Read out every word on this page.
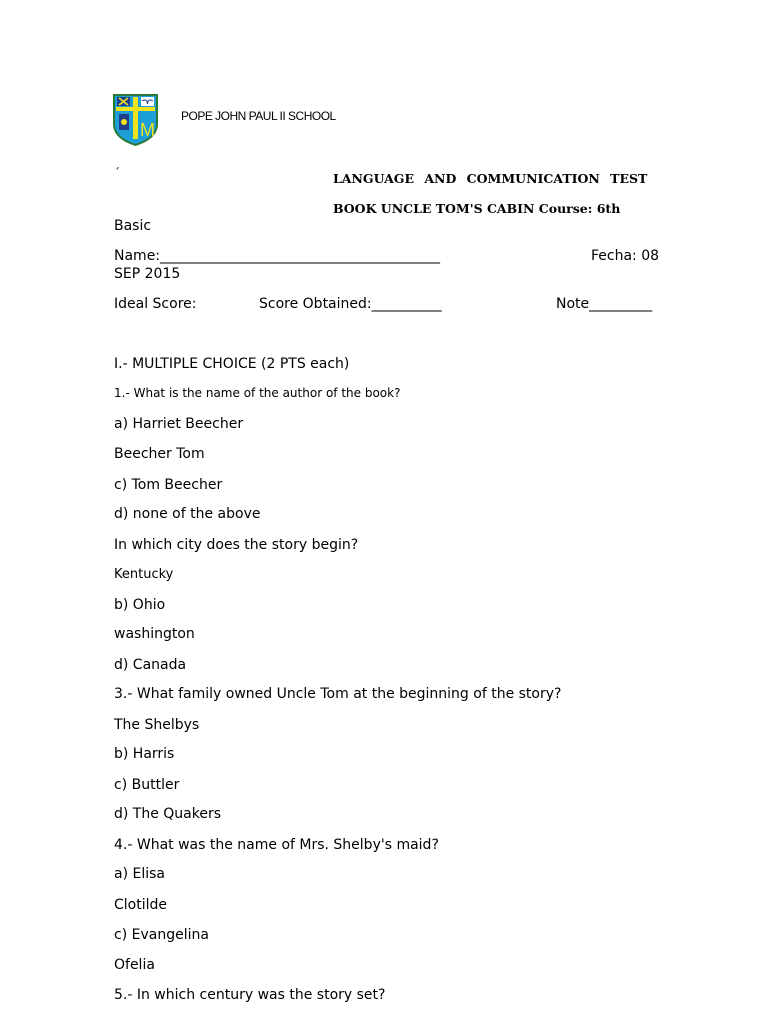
M
POPE JOHN PAUL II SCHOOL
´	LANGUAGE AND COMMUNICATION TEST
BOOK UNCLE TOM'S CABIN Course: 6th
Basic
Name:________________________________________	Fecha: 08
SEP 2015
Ideal Score:	Score Obtained:__________	Note_________
I.- MULTIPLE CHOICE (2 PTS each)
1.- What is the name of the author of the book?
a) Harriet Beecher
Beecher Tom
c) Tom Beecher
d) none of the above
In which city does the story begin?
Kentucky
b) Ohio
washington
d) Canada
3.- What family owned Uncle Tom at the beginning of the story?
The Shelbys
b) Harris
c) Buttler
d) The Quakers
4.- What was the name of Mrs. Shelby's maid?
a) Elisa
Clotilde
c) Evangelina
Ofelia
5.- In which century was the story set?
